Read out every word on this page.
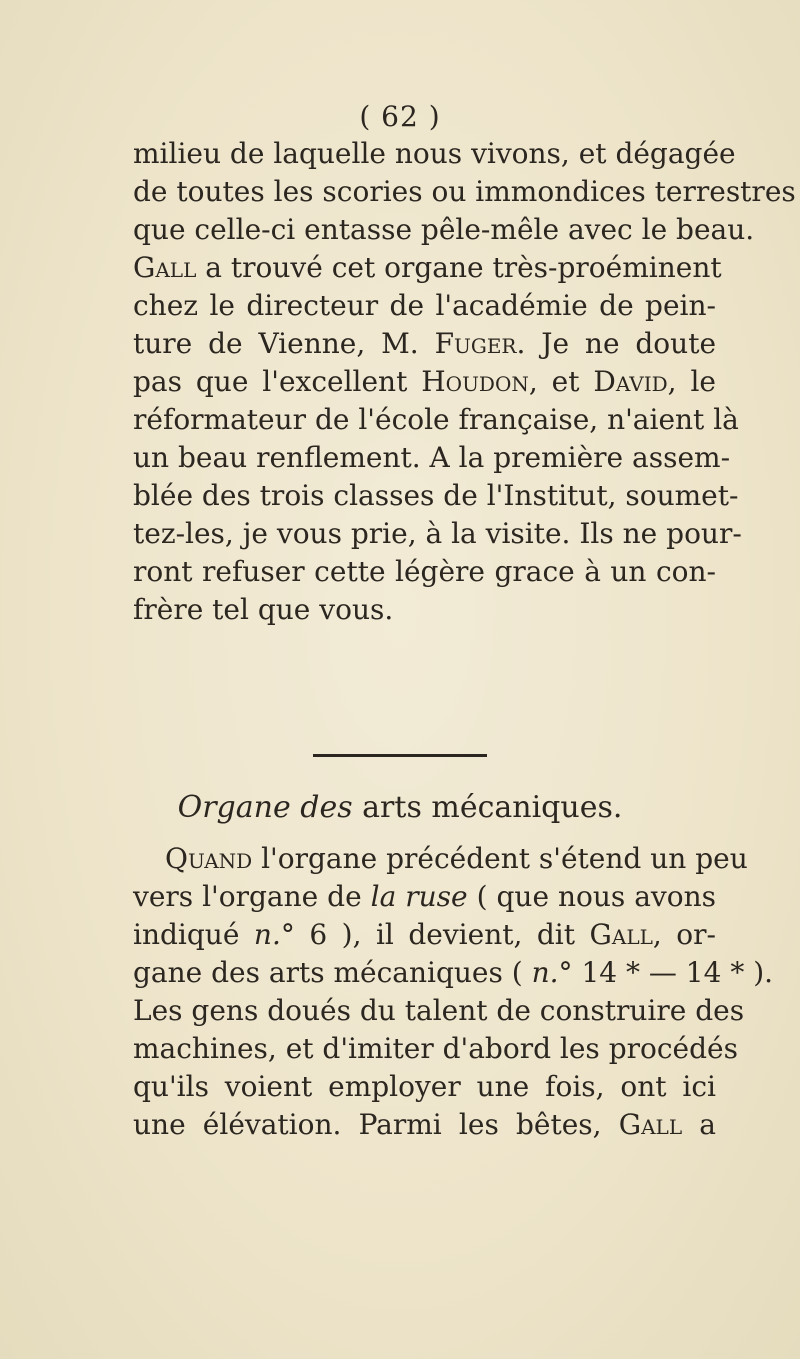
( 62 )
milieu de laquelle nous vivons, et dégagée
de toutes les scories ou immondices terrestres
que celle-ci entasse pêle-mêle avec le beau.
Gall a trouvé cet organe très-proéminent
chez le directeur de l'académie de pein-
ture de Vienne, M. Fuger. Je ne doute
pas que l'excellent Houdon, et David, le
réformateur de l'école française, n'aient là
un beau renflement. A la première assem-
blée des trois classes de l'Institut, soumet-
tez-les, je vous prie, à la visite. Ils ne pour-
ront refuser cette légère grace à un con-
frère tel que vous.
Organe des arts mécaniques.
Quand l'organe précédent s'étend un peu
vers l'organe de la ruse ( que nous avons
indiqué n.° 6 ), il devient, dit Gall, or-
gane des arts mécaniques ( n.° 14 * — 14 * ).
Les gens doués du talent de construire des
machines, et d'imiter d'abord les procédés
qu'ils voient employer une fois, ont ici
une élévation. Parmi les bêtes, Gall a
